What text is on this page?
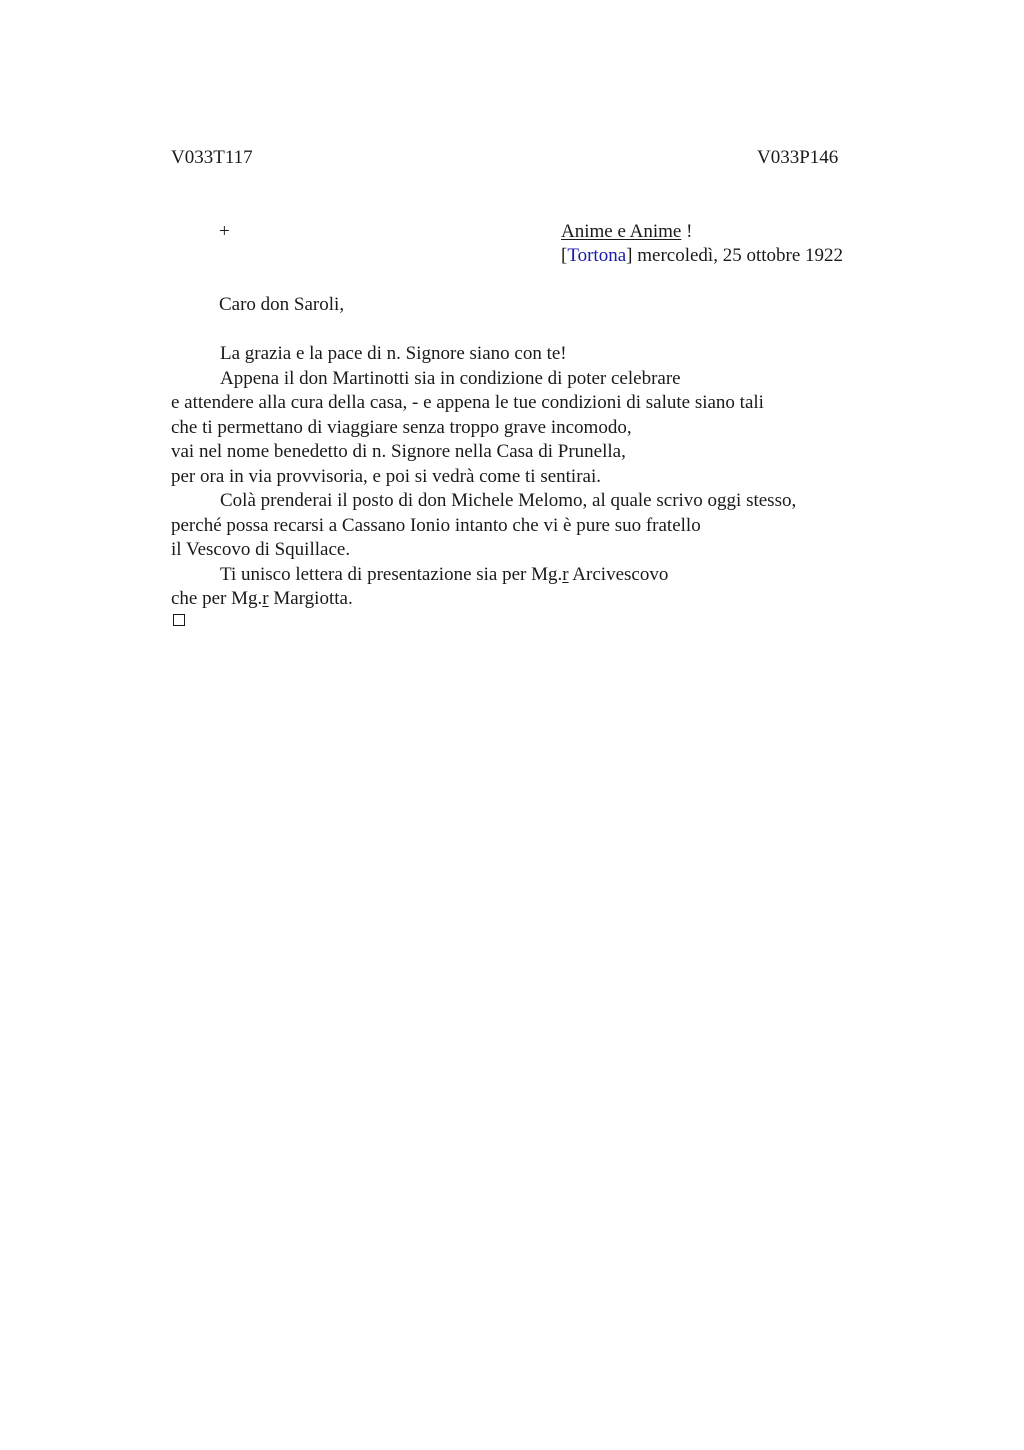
V033T117	V033P146
+	Anime e Anime !
[Tortona] mercoledì, 25 ottobre 1922
Caro don Saroli,
La grazia e la pace di n. Signore siano con te!
Appena il don Martinotti sia in condizione di poter celebrare
e attendere alla cura della casa, - e appena le tue condizioni di salute siano tali
che ti permettano di viaggiare senza troppo grave incomodo,
vai nel nome benedetto di n. Signore nella Casa di Prunella,
per ora in via provvisoria, e poi si vedrà come ti sentirai.
Colà prenderai il posto di don Michele Melomo, al quale scrivo oggi stesso,
perché possa recarsi a Cassano Ionio intanto che vi è pure suo fratello
il Vescovo di Squillace.
Ti unisco lettera di presentazione sia per Mg.r Arcivescovo
che per Mg.r Margiotta.
